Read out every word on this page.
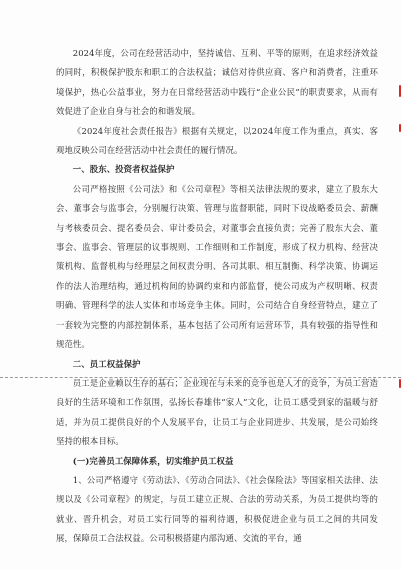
2024年度，公司在经营活动中，坚持诚信、互利、平等的原则，在追求经济效益的同时，积极保护股东和职工的合法权益；诚信对待供应商、客户和消费者，注重环境保护，热心公益事业，努力在日常经营活动中践行“企业公民”的职责要求，从而有效促进了企业自身与社会的和谐发展。

《2024年度社会责任报告》根据有关规定，以2024年度工作为重点，真实、客观地反映公司在经营活动中社会责任的履行情况。

一、股东、投资者权益保护

公司严格按照《公司法》和《公司章程》等相关法律法规的要求，建立了股东大会、董事会与监事会，分别履行决策、管理与监督职能，同时下设战略委员会、薪酬与考核委员会、提名委员会、审计委员会，对董事会直接负责；完善了股东大会、董事会、监事会、管理层的议事规则、工作细则和工作制度，形成了权力机构、经营决策机构、监督机构与经理层之间权责分明、各司其职、相互制衡、科学决策、协调运作的法人治理结构，通过机构间的协调约束和内部监督，使公司成为产权明晰、权责明确、管理科学的法人实体和市场竞争主体。同时，公司结合自身经营特点，建立了一套较为完整的内部控制体系，基本包括了公司所有运营环节，具有较强的指导性和规范性。

二、员工权益保护

员工是企业赖以生存的基石；企业现在与未来的竞争也是人才的竞争，为员工营造良好的生活环境和工作氛围，弘扬长春雄伟“家人”文化，让员工感受到家的温暖与舒适，并为员工提供良好的个人发展平台，让员工与企业同进步、共发展，是公司始终坚持的根本目标。

(一)完善员工保障体系，切实维护员工权益

1、公司严格遵守《劳动法》、《劳动合同法》、《社会保险法》等国家相关法律、法规以及《公司章程》的规定，与员工建立正规、合法的劳动关系，为员工提供均等的就业、晋升机会，对员工实行同等的福利待遇，积极促进企业与员工之间的共同发展，保障员工合法权益。公司积极搭建内部沟通、交流的平台，通
